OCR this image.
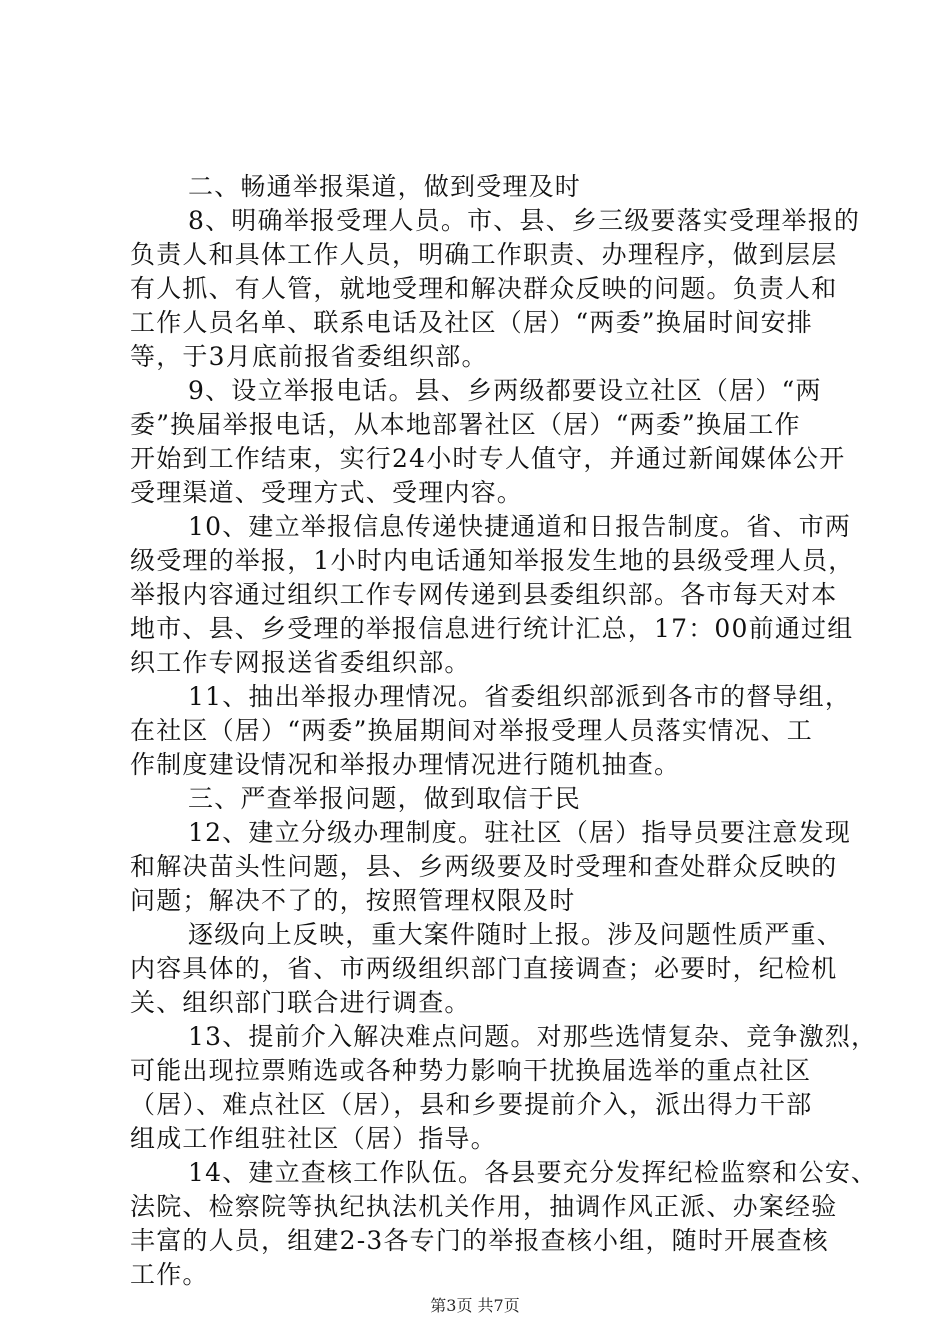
二、畅通举报渠道，做到受理及时
8、明确举报受理人员。市、县、乡三级要落实受理举报的
负责人和具体工作人员，明确工作职责、办理程序，做到层层
有人抓、有人管，就地受理和解决群众反映的问题。负责人和
工作人员名单、联系电话及社区（居）“两委”换届时间安排
等，于3月底前报省委组织部。
9、设立举报电话。县、乡两级都要设立社区（居）“两
委”换届举报电话，从本地部署社区（居）“两委”换届工作
开始到工作结束，实行24小时专人值守，并通过新闻媒体公开
受理渠道、受理方式、受理内容。
10、建立举报信息传递快捷通道和日报告制度。省、市两
级受理的举报，1小时内电话通知举报发生地的县级受理人员，
举报内容通过组织工作专网传递到县委组织部。各市每天对本
地市、县、乡受理的举报信息进行统计汇总，17：00前通过组
织工作专网报送省委组织部。
11、抽出举报办理情况。省委组织部派到各市的督导组，
在社区（居）“两委”换届期间对举报受理人员落实情况、工
作制度建设情况和举报办理情况进行随机抽查。
三、严查举报问题，做到取信于民
12、建立分级办理制度。驻社区（居）指导员要注意发现
和解决苗头性问题，县、乡两级要及时受理和查处群众反映的
问题；解决不了的，按照管理权限及时
逐级向上反映，重大案件随时上报。涉及问题性质严重、
内容具体的，省、市两级组织部门直接调查；必要时，纪检机
关、组织部门联合进行调查。
13、提前介入解决难点问题。对那些选情复杂、竞争激烈，
可能出现拉票贿选或各种势力影响干扰换届选举的重点社区
（居）、难点社区（居），县和乡要提前介入，派出得力干部
组成工作组驻社区（居）指导。
14、建立查核工作队伍。各县要充分发挥纪检监察和公安、
法院、检察院等执纪执法机关作用，抽调作风正派、办案经验
丰富的人员，组建2-3各专门的举报查核小组，随时开展查核
工作。
第3页 共7页
